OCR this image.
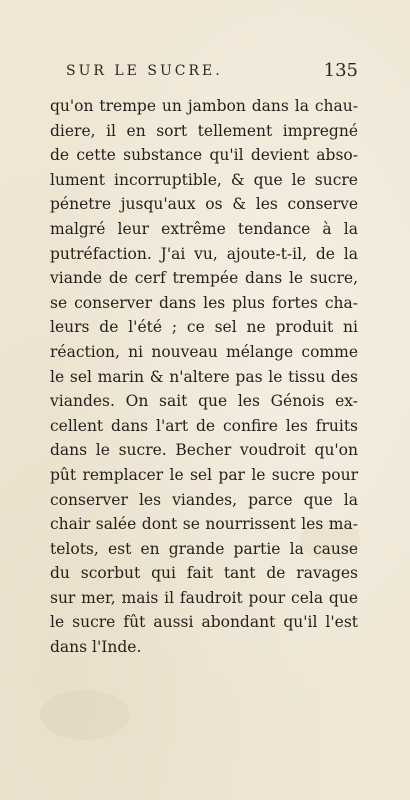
SUR LE SUCRE.	135
qu'on trempe un jambon dans la chau-
diere, il en sort tellement impregné
de cette substance qu'il devient abso-
lument incorruptible, & que le sucre
pénetre jusqu'aux os & les conserve
malgré leur extrême tendance à la
putréfaction. J'ai vu, ajoute-t-il, de la
viande de cerf trempée dans le sucre,
se conserver dans les plus fortes cha-
leurs de l'été ; ce sel ne produit ni
réaction, ni nouveau mélange comme
le sel marin & n'altere pas le tissu des
viandes. On sait que les Génois ex-
cellent dans l'art de confire les fruits
dans le sucre. Becher voudroit qu'on
pût remplacer le sel par le sucre pour
conserver les viandes, parce que la
chair salée dont se nourrissent les ma-
telots, est en grande partie la cause
du scorbut qui fait tant de ravages
sur mer, mais il faudroit pour cela que
le sucre fût aussi abondant qu'il l'est
dans l'Inde.
